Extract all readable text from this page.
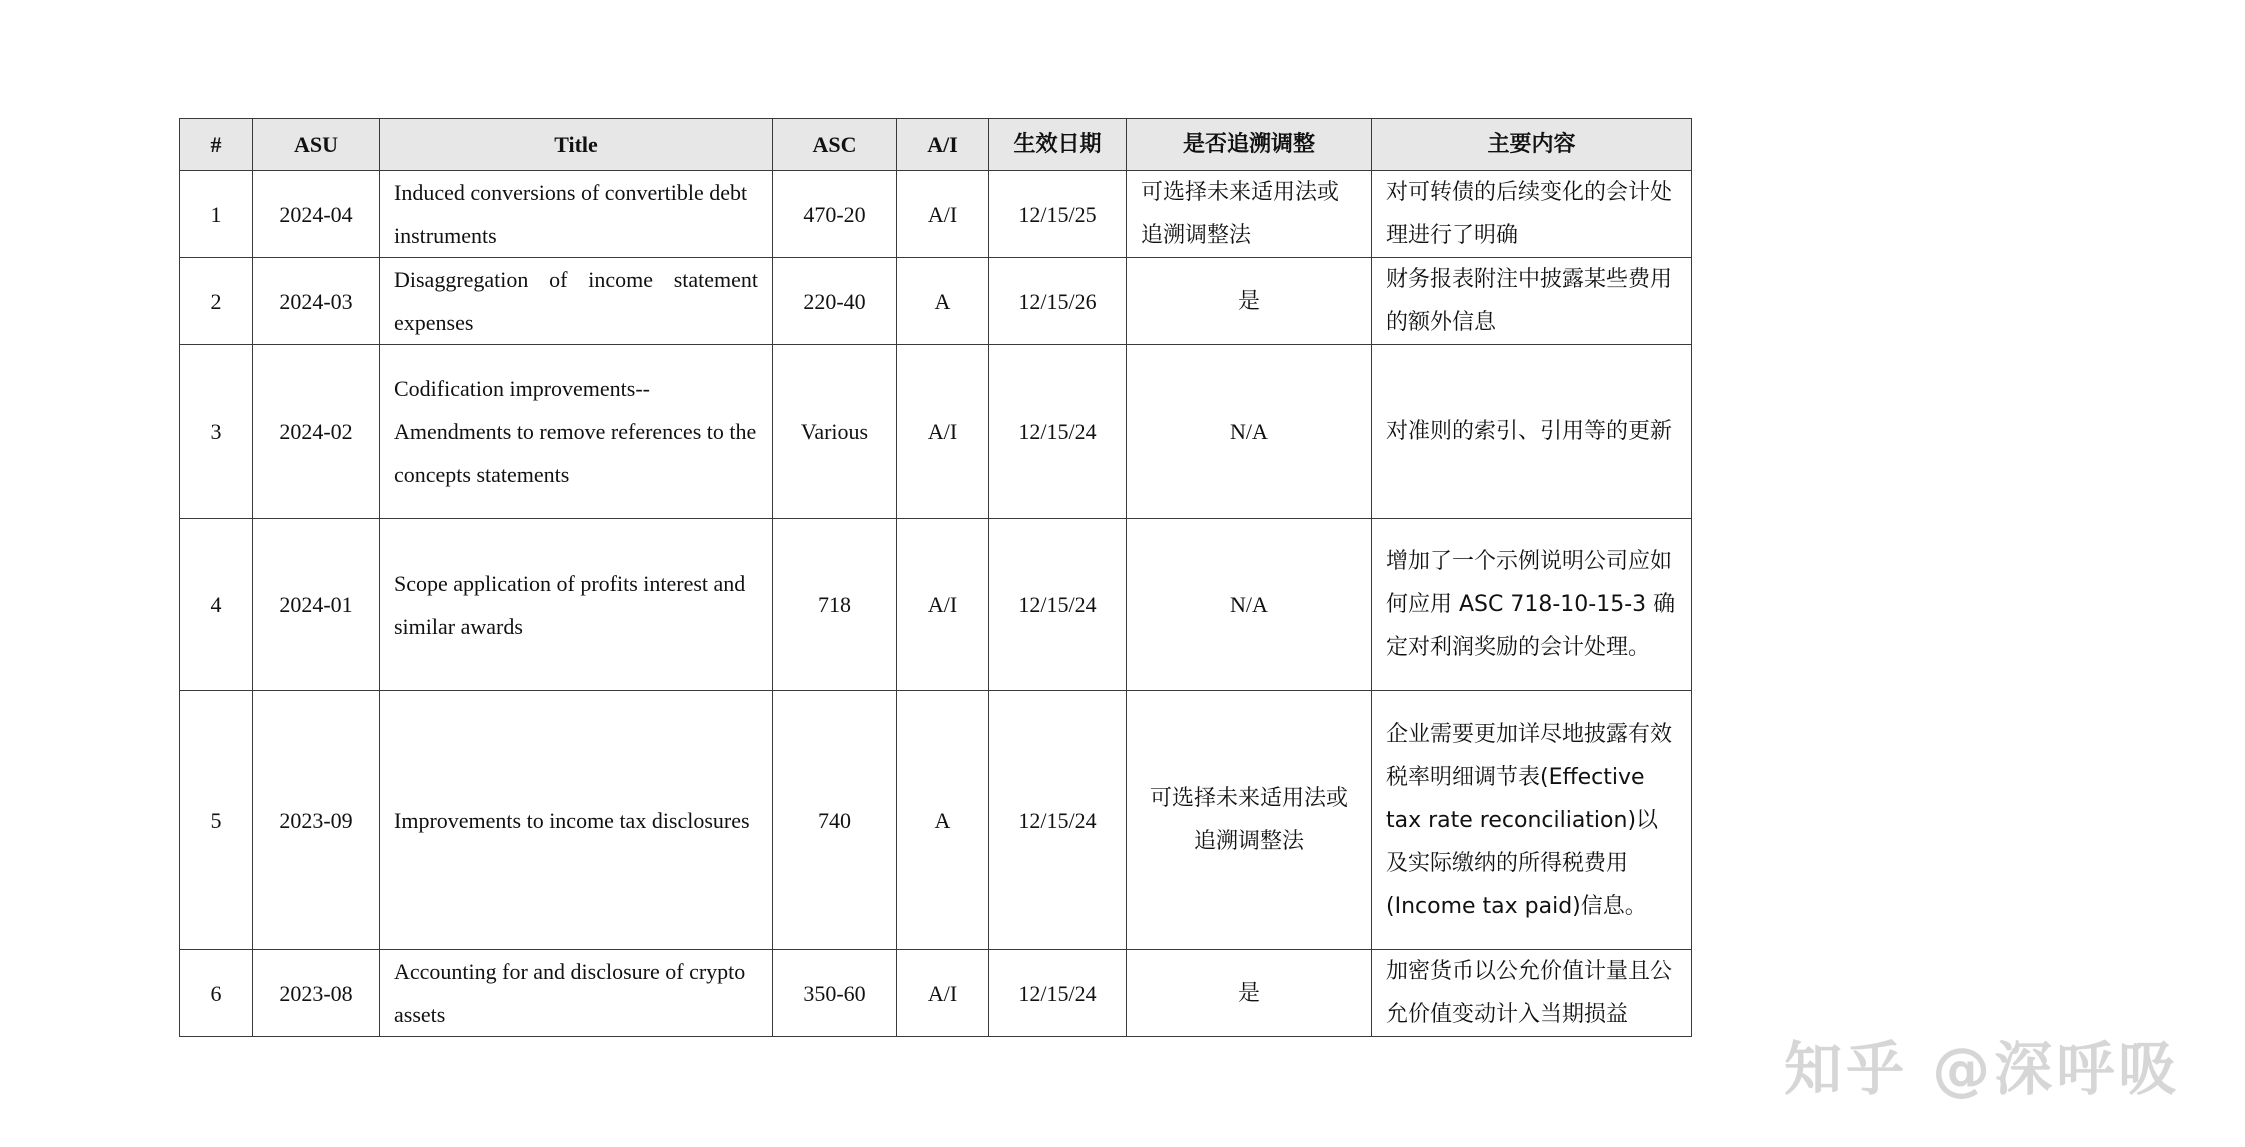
#	ASU	Title	ASC	A/I	生效日期	是否追溯调整	主要内容
1	2024-04	Induced conversions of convertible debt instruments	470-20	A/I	12/15/25	可选择未来适用法或追溯调整法	对可转债的后续变化的会计处理进行了明确
2	2024-03	Disaggregation of income statement expenses	220-40	A	12/15/26	是	财务报表附注中披露某些费用的额外信息
3	2024-02	Codification improvements--Amendments to remove references to the concepts statements	Various	A/I	12/15/24	N/A	对准则的索引、引用等的更新
4	2024-01	Scope application of profits interest and similar awards	718	A/I	12/15/24	N/A	增加了一个示例说明公司应如何应用 ASC 718-10-15-3 确定对利润奖励的会计处理。
5	2023-09	Improvements to income tax disclosures	740	A	12/15/24	可选择未来适用法或追溯调整法	企业需要更加详尽地披露有效税率明细调节表(Effective tax rate reconciliation)以及实际缴纳的所得税费用(Income tax paid)信息。
6	2023-08	Accounting for and disclosure of crypto assets	350-60	A/I	12/15/24	是	加密货币以公允价值计量且公允价值变动计入当期损益
知乎 @深呼吸
